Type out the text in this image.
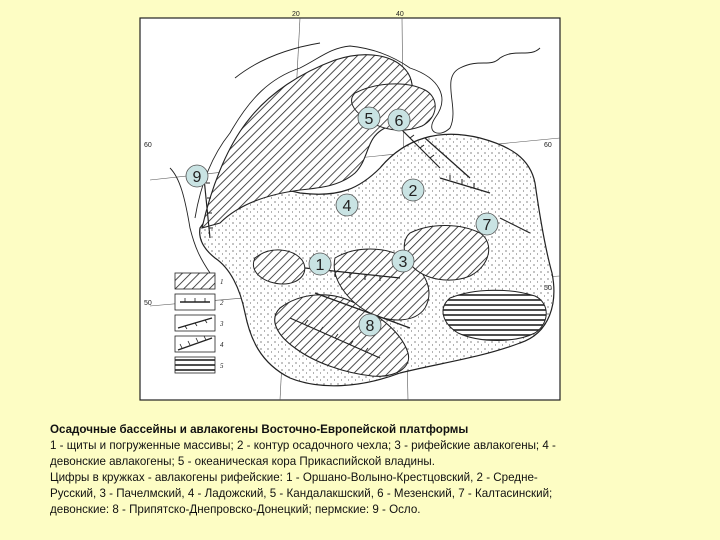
1
2
3
4
5
20	40
60	60
50
50
1
2
3
4
5 6
7
8
9

Осадочные бассейны и авлакогены Восточно-Европейской платформы

1 - щиты и погруженные массивы; 2 - контур осадочного чехла; 3 - рифейские авлакогены; 4 -

девонские авлакогены; 5 - океаническая кора Прикаспийской владины.

Цифры в кружках - авлакогены рифейские: 1 - Оршано-Волыно-Крестцовский, 2 - Средне-

Русский, 3 - Пачелмский, 4 - Ладожский, 5 - Кандалакшский, 6 - Мезенский, 7 - Калтасинский;

девонские: 8 - Припятско-Днепровско-Донецкий; пермские: 9 - Осло.
